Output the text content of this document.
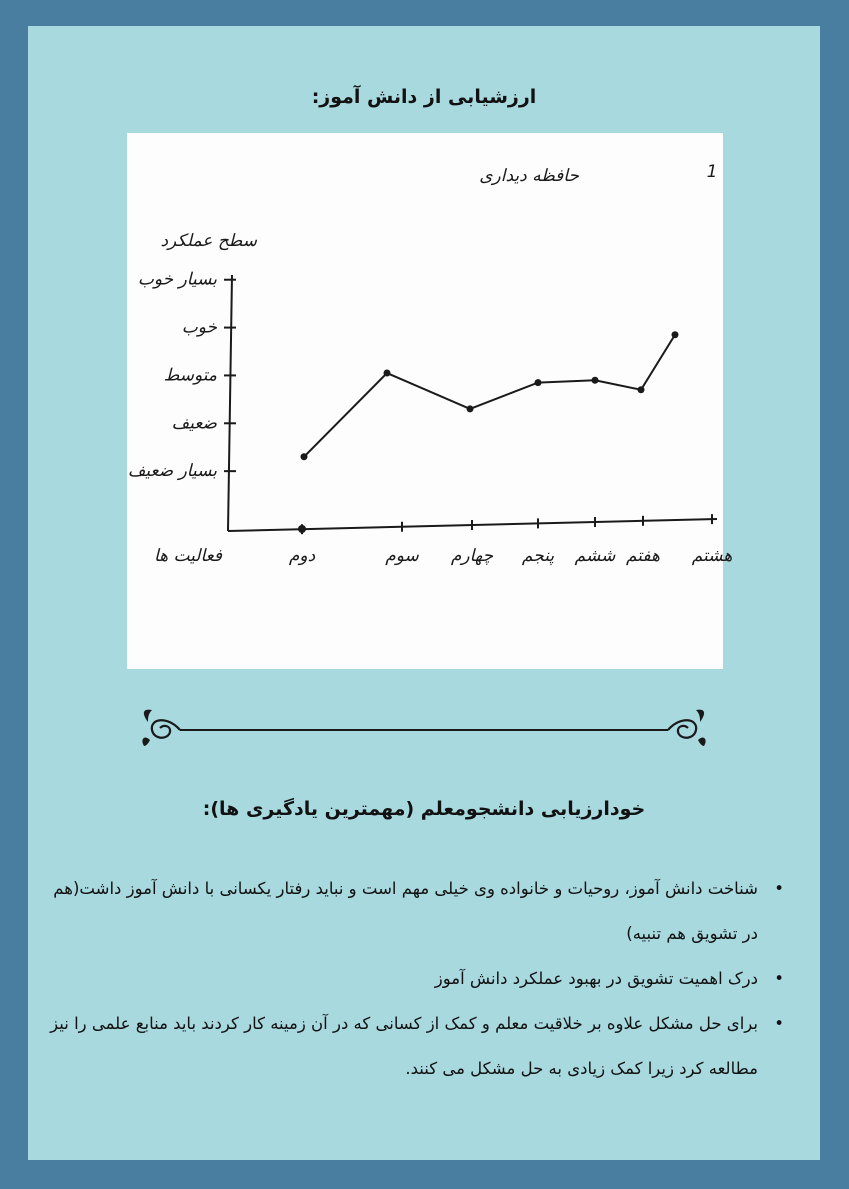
ارزشیابی از دانش آموز:
حافظه دیداری
سطح عملکرد
فعالیت ها
1
بسیار ضعیف
ضعیف
متوسط
خوب
بسیار خوب
دوم	سوم چهارم پنجم ششم هفتم هشتم
خودارزیابی دانشجومعلم (مهمترین یادگیری ها):
• شناخت دانش آموز، روحیات و خانواده وی خیلی مهم است و نباید رفتار یکسانی با دانش آموز داشت(هم در تشویق هم تنبیه)
• درک اهمیت تشویق در بهبود عملکرد دانش آموز
• برای حل مشکل علاوه بر خلاقیت معلم و کمک از کسانی که در آن زمینه کار کردند باید منابع علمی را نیز مطالعه کرد زیرا کمک زیادی به حل مشکل می کنند.
